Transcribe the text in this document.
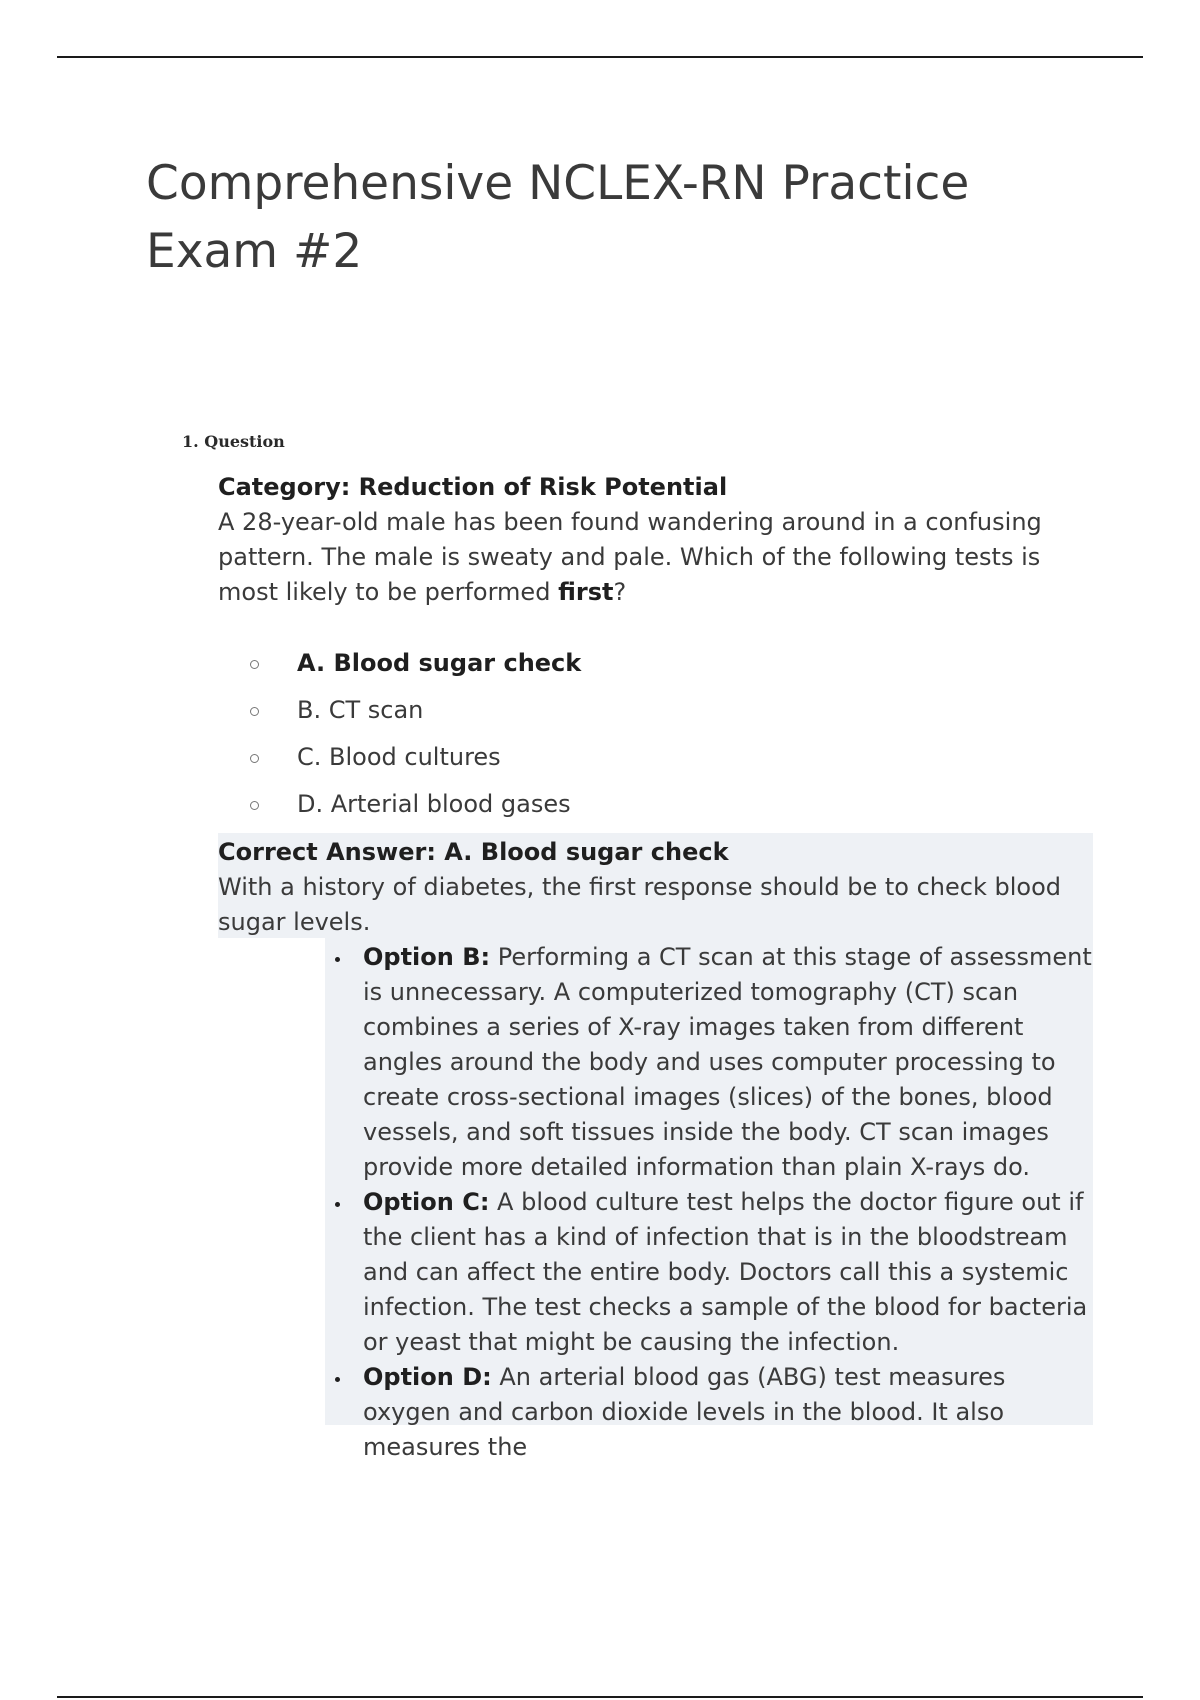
Comprehensive NCLEX-RN Practice Exam #2
1. Question
Category: Reduction of Risk Potential
A 28-year-old male has been found wandering around in a confusing pattern. The male is sweaty and pale. Which of the following tests is most likely to be performed first?
A. Blood sugar check
B. CT scan
C. Blood cultures
D. Arterial blood gases
Correct Answer: A. Blood sugar check
With a history of diabetes, the first response should be to check blood sugar levels.
Option B: Performing a CT scan at this stage of assessment is unnecessary. A computerized tomography (CT) scan combines a series of X-ray images taken from different angles around the body and uses computer processing to create cross-sectional images (slices) of the bones, blood vessels, and soft tissues inside the body. CT scan images provide more detailed information than plain X-rays do.
Option C: A blood culture test helps the doctor figure out if the client has a kind of infection that is in the bloodstream and can affect the entire body. Doctors call this a systemic infection. The test checks a sample of the blood for bacteria or yeast that might be causing the infection.
Option D: An arterial blood gas (ABG) test measures oxygen and carbon dioxide levels in the blood. It also measures the
